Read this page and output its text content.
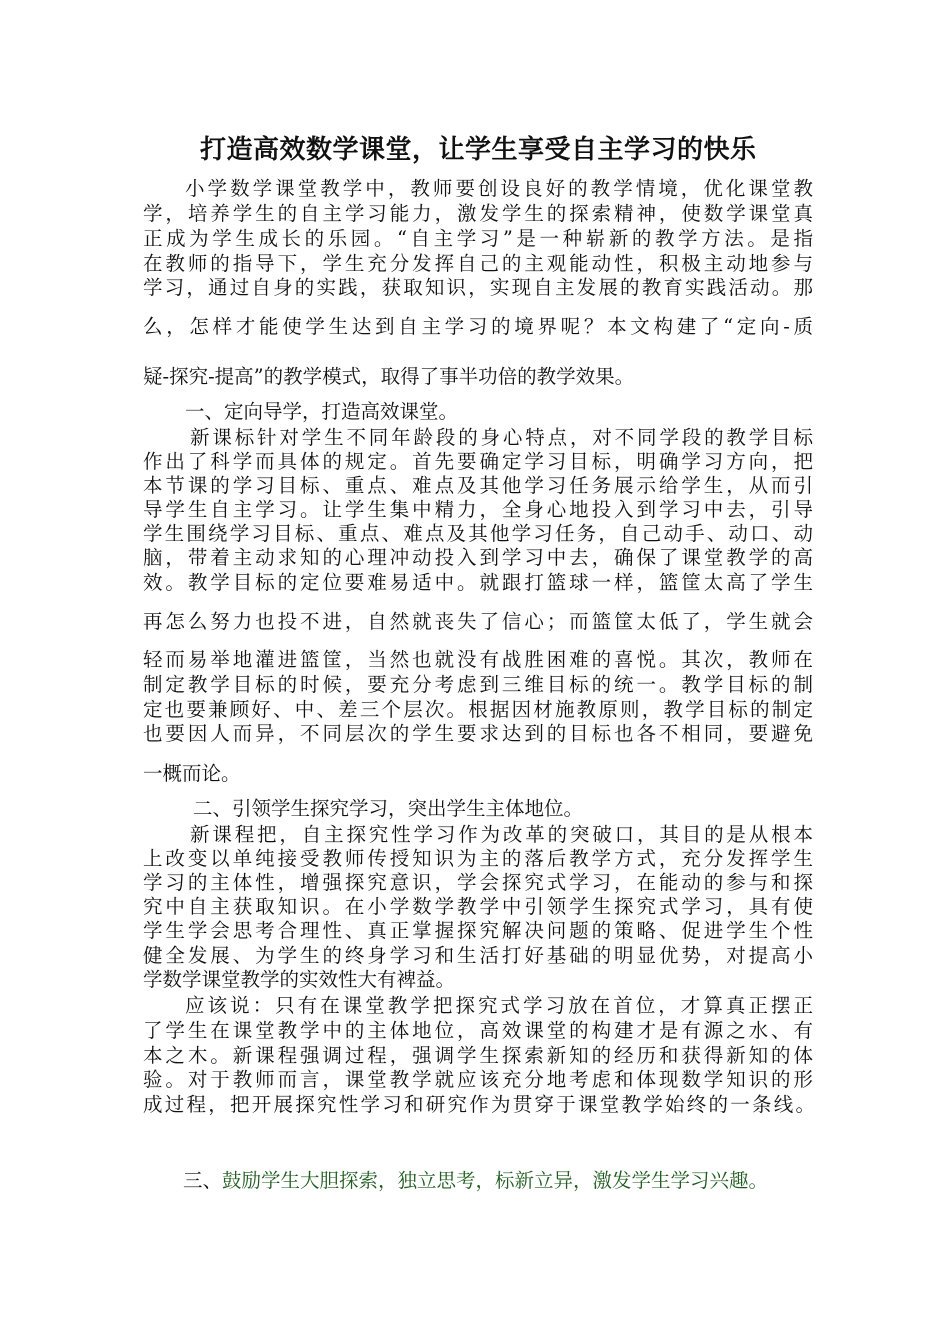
打造高效数学课堂，让学生享受自主学习的快乐
小学数学课堂教学中，教师要创设良好的教学情境，优化课堂教
学，培养学生的自主学习能力，激发学生的探索精神，使数学课堂真
正成为学生成长的乐园。“自主学习”是一种崭新的教学方法。是指
在教师的指导下，学生充分发挥自己的主观能动性，积极主动地参与
学习，通过自身的实践，获取知识，实现自主发展的教育实践活动。那
么，怎样才能使学生达到自主学习的境界呢？本文构建了“定向-质
疑-探究-提高”的教学模式，取得了事半功倍的教学效果。
一、定向导学，打造高效课堂。
新课标针对学生不同年龄段的身心特点，对不同学段的教学目标
作出了科学而具体的规定。首先要确定学习目标，明确学习方向，把
本节课的学习目标、重点、难点及其他学习任务展示给学生，从而引
导学生自主学习。让学生集中精力，全身心地投入到学习中去，引导
学生围绕学习目标、重点、难点及其他学习任务，自己动手、动口、动
脑，带着主动求知的心理冲动投入到学习中去，确保了课堂教学的高
效。教学目标的定位要难易适中。就跟打篮球一样，篮筐太高了学生
再怎么努力也投不进，自然就丧失了信心；而篮筐太低了，学生就会
轻而易举地灌进篮筐，当然也就没有战胜困难的喜悦。其次，教师在
制定教学目标的时候，要充分考虑到三维目标的统一。教学目标的制
定也要兼顾好、中、差三个层次。根据因材施教原则，教学目标的制定
也要因人而异，不同层次的学生要求达到的目标也各不相同，要避免
一概而论。
二、引领学生探究学习，突出学生主体地位。
新课程把，自主探究性学习作为改革的突破口，其目的是从根本
上改变以单纯接受教师传授知识为主的落后教学方式，充分发挥学生
学习的主体性，增强探究意识，学会探究式学习，在能动的参与和探
究中自主获取知识。在小学数学教学中引领学生探究式学习，具有使
学生学会思考合理性、真正掌握探究解决问题的策略、促进学生个性
健全发展、为学生的终身学习和生活打好基础的明显优势，对提高小
学数学课堂教学的实效性大有裨益。
应该说：只有在课堂教学把探究式学习放在首位，才算真正摆正
了学生在课堂教学中的主体地位，高效课堂的构建才是有源之水、有
本之木。新课程强调过程，强调学生探索新知的经历和获得新知的体
验。对于教师而言，课堂教学就应该充分地考虑和体现数学知识的形
成过程，把开展探究性学习和研究作为贯穿于课堂教学始终的一条线。
三、鼓励学生大胆探索，独立思考，标新立异，激发学生学习兴趣。
